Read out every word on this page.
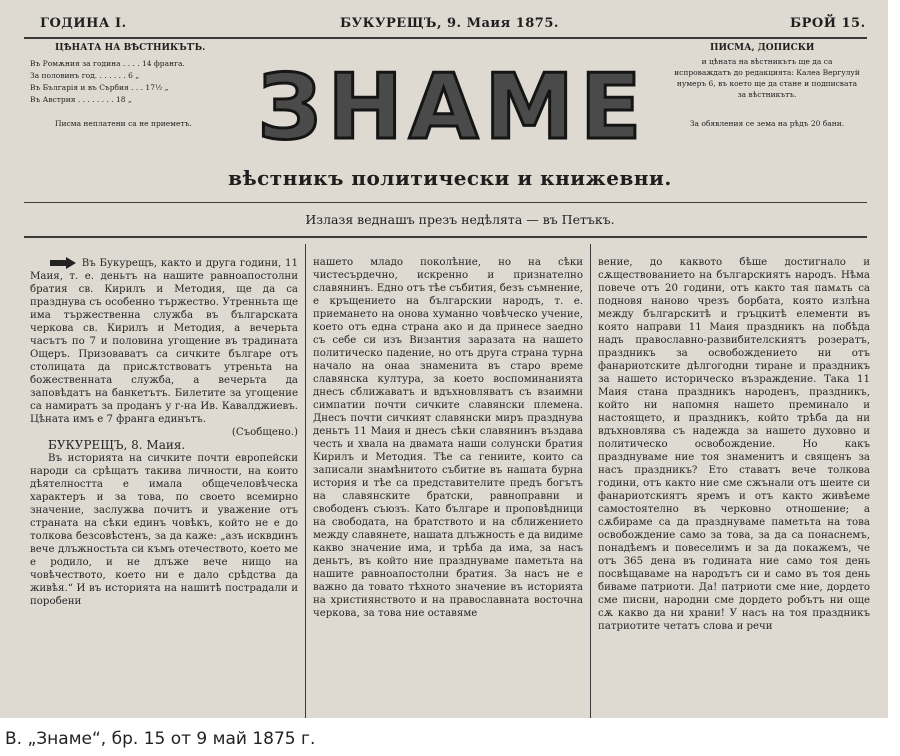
ГОДИНА I.	БУКУРЕЩЪ, 9. Мaия 1875.	БРОЙ 15.
ЦѢНАТА НА ВѢСТНИКЪТЪ.
Въ Ромѫния за година . . . . 14 франга.
За половинъ год. . . . . . . 6 „
Въ Българія и въ Сърбия . . . 17½ „
Въ Австрия . . . . . . . . 18 „
Писма нeплатени са не приeмeтъ.
ПИСМА, ДОПИСКИ
и цѣната на вѣстникътъ ще да са испроваждатъ до редакцията: Калеа Вергулуй нумеръ 6, въ което ще да стане и подписвата за вѣстникътъ.
За обявления се зема на рѣдъ 20 бани.
ЗНАМЕ
вѣстникъ политически и книжевни.
Излазя веднашъ презъ недѣлята — въ Петъкъ.

Въ Букурещъ, както и другa години, 11 Мaия, т. е. деньтъ на нашите равноапостолни братия св. Кирилъ и Методия, ще да са празднува съ особенно тържество. Утренньта ще има тържественна служба въ българската черкова св. Кирилъ и Методия, а вечерьта часътъ по 7 и половина угощение въ трaдината Ощеръ. Призоваватъ са сичките българе отъ столицата да присѫтствоватъ утреньта на божественната служба, а вечерьта да заповѣдатъ на банкетътъ. Билетите за угощение са намиратъ за проданъ у г-на Ив. Кавалджиевъ. Цѣната имъ е 7 франга единътъ.

(Съобщено.)

БУКУРЕЩЪ, 8. Мaия.

Въ историята на сичките почти европейски народи са срѣщатъ такива личности, на които дѣятелността е имала общечеловѣческа характеръ и за това, по своето всемирно значение, заслужва почитъ и уважение отъ страната на сѣки единъ човѣкъ, който не е до толкова безсовѣстенъ, за да каже: „азъ исквдинъ вече длъжностьта си къмъ отечеството, което ме е родило, и не длъже вече нищо на човѣчеството, което ни е дало срѣдства да живѣя.“ И въ историята на нашитѣ пострадали и поробени

нашето младо поколѣние, но на сѣки чистесърдечно, искренно и признателно славянинъ. Едно отъ тѣе събития, безъ съмнение, е кръщението на българскии народъ, т. е. приемането на онова хуманно човѣческо учение, което отъ една страна ако и да принесе заедно съ себе си изъ Византия заразата на нашето политическо падение, но отъ друга страна турна начало на онаа знаменита въ старо време славянска култура, за което воспоминанията днесъ сближаватъ и вдъхновляватъ съ взаимни симпатии почти сичките славянски племена. Днесъ почти сичкият славянски миръ празднува деньтъ 11 Мaия и днесъ сѣки славянинъ въздава честь и хвала на двамата наши солунски братия Кирилъ и Методия. Тѣе са гениите, които са записали знамѣнитото събитие въ нашата бурна история и тѣе са представителите предъ богътъ на славянските братски, равноправни и свободенъ съюзъ. Като българе и проповѣдници на свободата, на братството и на сближението между славянете, нашата длъжность е да видиме какво значение има, и трѣба да има, за насъ деньтъ, въ който ние празднуваме паметьта на нашите равноапостолни братия. За насъ не е важно да товато тѣхното значение въ историята на християнството и на православната восточна черкова, за това ние оставяме

вение, до каквото бѣше достигнало и сѫществованието на българскиятъ народъ. Нѣма повече отъ 20 години, отъ както тая памѧть са подновя наново чрезъ борбата, която излѣна между българскитѣ и гръцкитѣ елементи въ която направи 11 Мaия праздникъ на побѣда надъ православно-развибителскиятъ розератъ, праздникъ за освобождението ни отъ фанариотските дѣлгогодни тиране и праздникъ за нашето историческо възраждение. Така 11 Мaия стана праздникъ народенъ, праздникъ, който ни напомня нашето преминало и настоящето, и праздникъ, който трѣба да ни вдъхновлява съ надежда за нашето духовно и политическо освобождение. Но какъ празднуваме ние тоя знаменитъ и священъ за насъ праздникъ? Ето ставатъ вече толкова години, отъ както ние сме сжънали отъ шеите си фанариотскиятъ яремъ и отъ както живѣеме самостоятелно въ черковно отношение; а сѫбираме са да празднуваме паметьта на това освобождение само за това, за да са понаснемъ, понадѣемъ и повеселимъ и за да покажемъ, че отъ 365 дена въ годината ние само тоя день посвѣщаваме на народътъ си и само въ тоя день биваме патриоти. Да! патриоти сме ние, дордето сме писни, народни сме дордето робътъ ни още сѫ какво да ни храни! У насъ на тоя праздникъ патриотите четатъ словa и речи

В. „Знаме“, бр. 15 от 9 май 1875 г.
